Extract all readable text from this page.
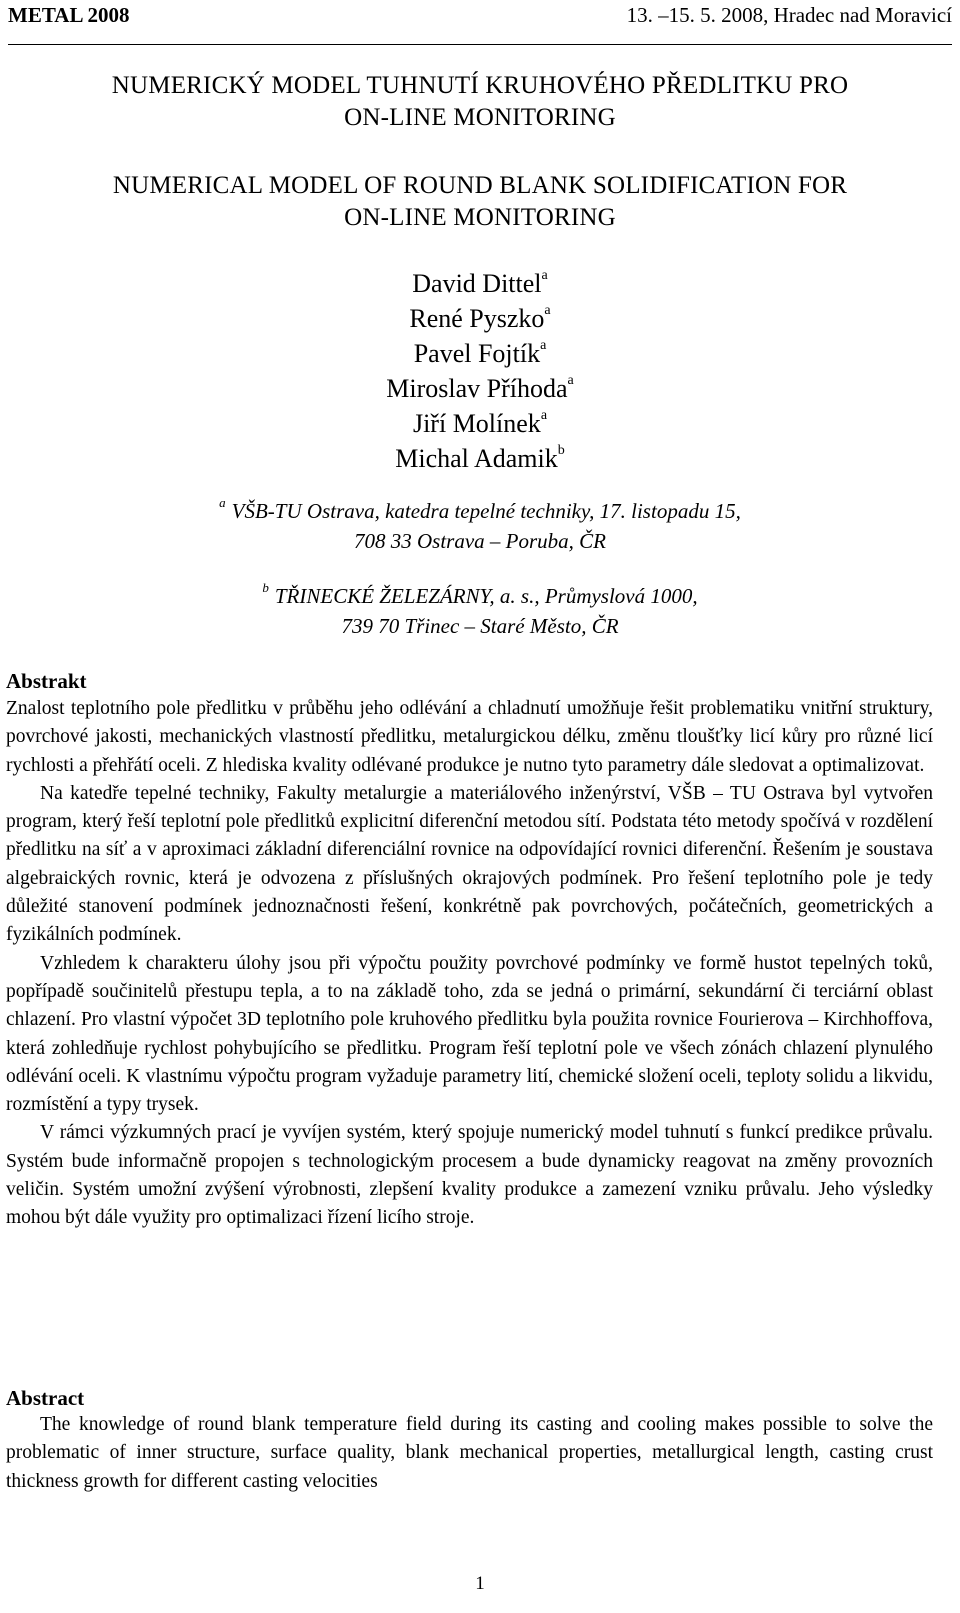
METAL 2008	13. –15. 5. 2008, Hradec nad Moravicí
NUMERICKÝ MODEL TUHNUTÍ KRUHOVÉHO PŘEDLITKU PRO
ON-LINE MONITORING
NUMERICAL MODEL OF ROUND BLANK SOLIDIFICATION FOR
ON-LINE MONITORING
David Dittel$^a$
René Pyszko$^a$
Pavel Fojtík$^a$
Miroslav Příhoda$^a$
Jiří Molínek$^a$
Michal Adamik$^b$
$^a$ VŠB-TU Ostrava, katedra tepelné techniky, 17. listopadu 15,
708 33 Ostrava – Poruba, ČR
$^b$ TŘINECKÉ ŽELEZÁRNY, a. s., Průmyslová 1000,
739 70 Třinec – Staré Město, ČR
Abstrakt

Znalost teplotního pole předlitku v průběhu jeho odlévání a chladnutí umožňuje řešit problematiku vnitřní struktury, povrchové jakosti, mechanických vlastností předlitku, metalurgickou délku, změnu tloušťky licí kůry pro různé licí rychlosti a přehřátí oceli. Z hlediska kvality odlévané produkce je nutno tyto parametry dále sledovat a optimalizovat.

Na katedře tepelné techniky, Fakulty metalurgie a materiálového inženýrství, VŠB – TU Ostrava byl vytvořen program, který řeší teplotní pole předlitků explicitní diferenční metodou sítí. Podstata této metody spočívá v rozdělení předlitku na síť a v aproximaci základní diferenciální rovnice na odpovídající rovnici diferenční. Řešením je soustava algebraických rovnic, která je odvozena z příslušných okrajových podmínek. Pro řešení teplotního pole je tedy důležité stanovení podmínek jednoznačnosti řešení, konkrétně pak povrchových, počátečních, geometrických a fyzikálních podmínek.

Vzhledem k charakteru úlohy jsou při výpočtu použity povrchové podmínky ve formě hustot tepelných toků, popřípadě součinitelů přestupu tepla, a to na základě toho, zda se jedná o primární, sekundární či terciární oblast chlazení. Pro vlastní výpočet 3D teplotního pole kruhového předlitku byla použita rovnice Fourierova – Kirchhoffova, která zohledňuje rychlost pohybujícího se předlitku. Program řeší teplotní pole ve všech zónách chlazení plynulého odlévání oceli. K vlastnímu výpočtu program vyžaduje parametry lití, chemické složení oceli, teploty solidu a likvidu, rozmístění a typy trysek.

V rámci výzkumných prací je vyvíjen systém, který spojuje numerický model tuhnutí s funkcí predikce průvalu. Systém bude informačně propojen s technologickým procesem a bude dynamicky reagovat na změny provozních veličin. Systém umožní zvýšení výrobnosti, zlepšení kvality produkce a zamezení vzniku průvalu. Jeho výsledky mohou být dále využity pro optimalizaci řízení licího stroje.

Abstract

The knowledge of round blank temperature field during its casting and cooling makes possible to solve the problematic of inner structure, surface quality, blank mechanical properties, metallurgical length, casting crust thickness growth for different casting velocities

1
